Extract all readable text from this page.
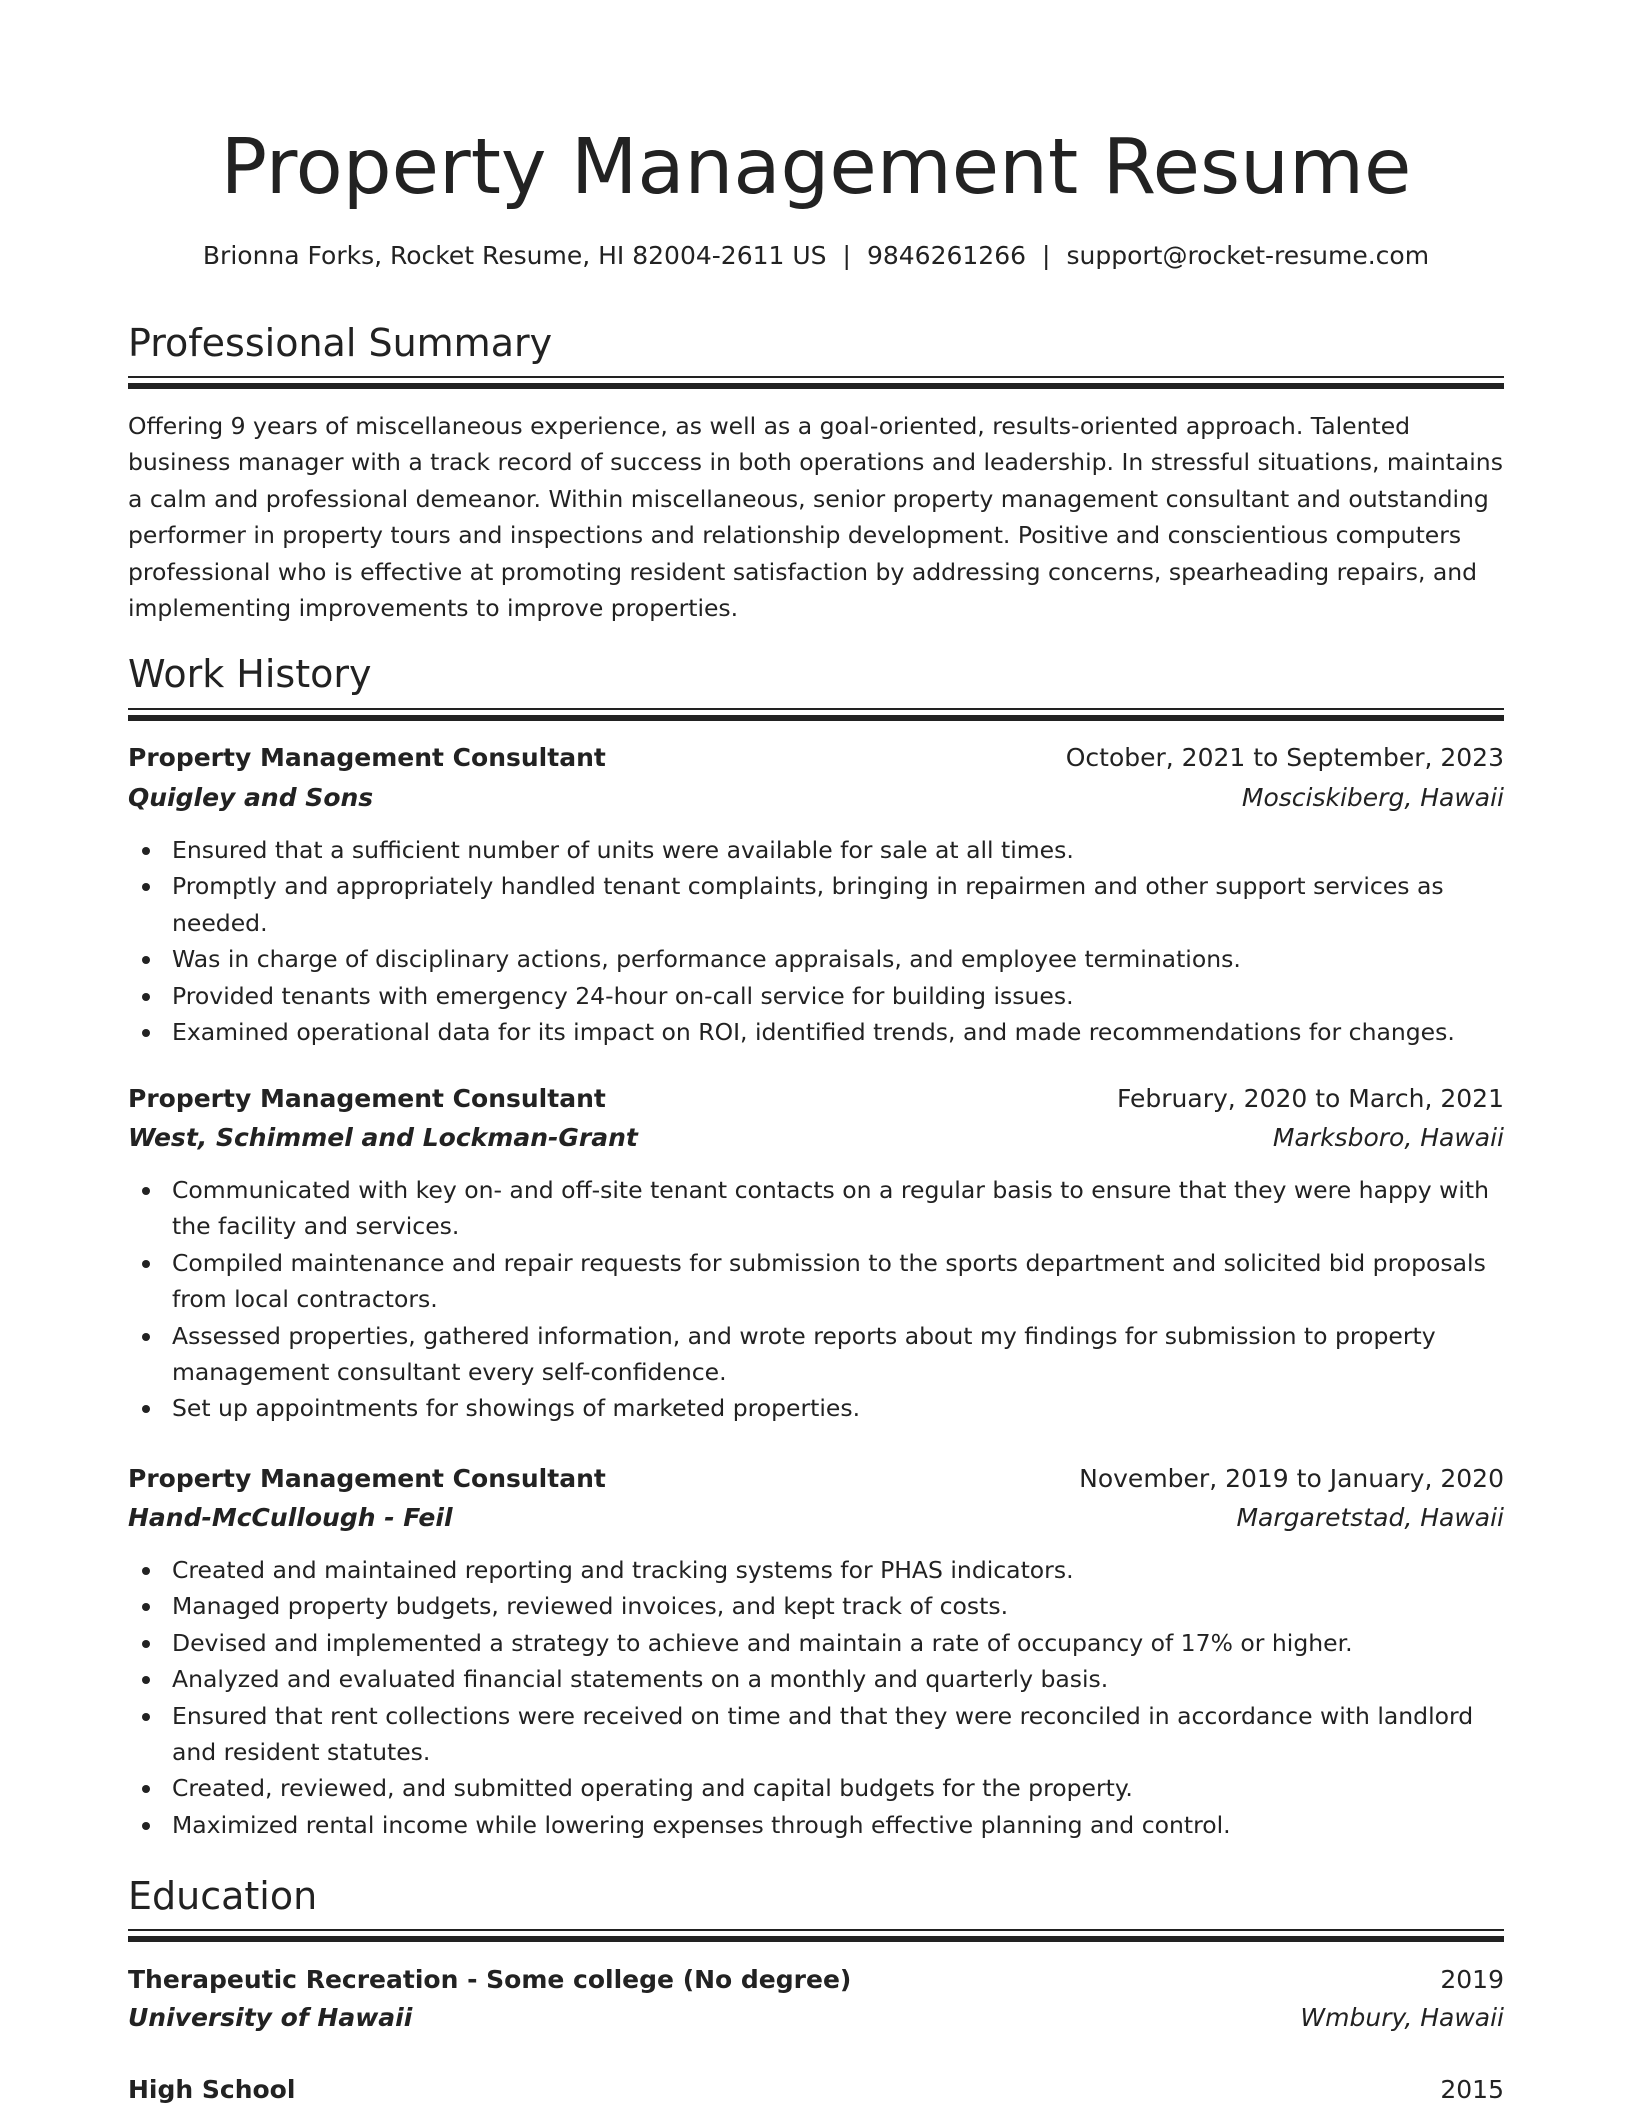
Property Management Resume
Brionna Forks, Rocket Resume, HI 82004-2611 US | 9846261266 | support@rocket-resume.com
Professional Summary

Offering 9 years of miscellaneous experience, as well as a goal-oriented, results-oriented approach. Talented business manager with a track record of success in both operations and leadership. In stressful situations, maintains a calm and professional demeanor. Within miscellaneous, senior property management consultant and outstanding performer in property tours and inspections and relationship development. Positive and conscientious computers professional who is effective at promoting resident satisfaction by addressing concerns, spearheading repairs, and implementing improvements to improve properties.

Work History
Property Management Consultant	October, 2021 to September, 2023
Quigley and Sons	Mosciskiberg, Hawaii
Ensured that a sufficient number of units were available for sale at all times.
Promptly and appropriately handled tenant complaints, bringing in repairmen and other support services as needed.
Was in charge of disciplinary actions, performance appraisals, and employee terminations.
Provided tenants with emergency 24-hour on-call service for building issues.
Examined operational data for its impact on ROI, identified trends, and made recommendations for changes.
Property Management Consultant	February, 2020 to March, 2021
West, Schimmel and Lockman-Grant	Marksboro, Hawaii
Communicated with key on- and off-site tenant contacts on a regular basis to ensure that they were happy with the facility and services.
Compiled maintenance and repair requests for submission to the sports department and solicited bid proposals from local contractors.
Assessed properties, gathered information, and wrote reports about my findings for submission to property management consultant every self-confidence.
Set up appointments for showings of marketed properties.
Property Management Consultant	November, 2019 to January, 2020
Hand-McCullough - Feil	Margaretstad, Hawaii
Created and maintained reporting and tracking systems for PHAS indicators.
Managed property budgets, reviewed invoices, and kept track of costs.
Devised and implemented a strategy to achieve and maintain a rate of occupancy of 17% or higher.
Analyzed and evaluated financial statements on a monthly and quarterly basis.
Ensured that rent collections were received on time and that they were reconciled in accordance with landlord and resident statutes.
Created, reviewed, and submitted operating and capital budgets for the property.
Maximized rental income while lowering expenses through effective planning and control.
Education
Therapeutic Recreation - Some college (No degree)	2019
University of Hawaii	Wmbury, Hawaii
High School	2015
